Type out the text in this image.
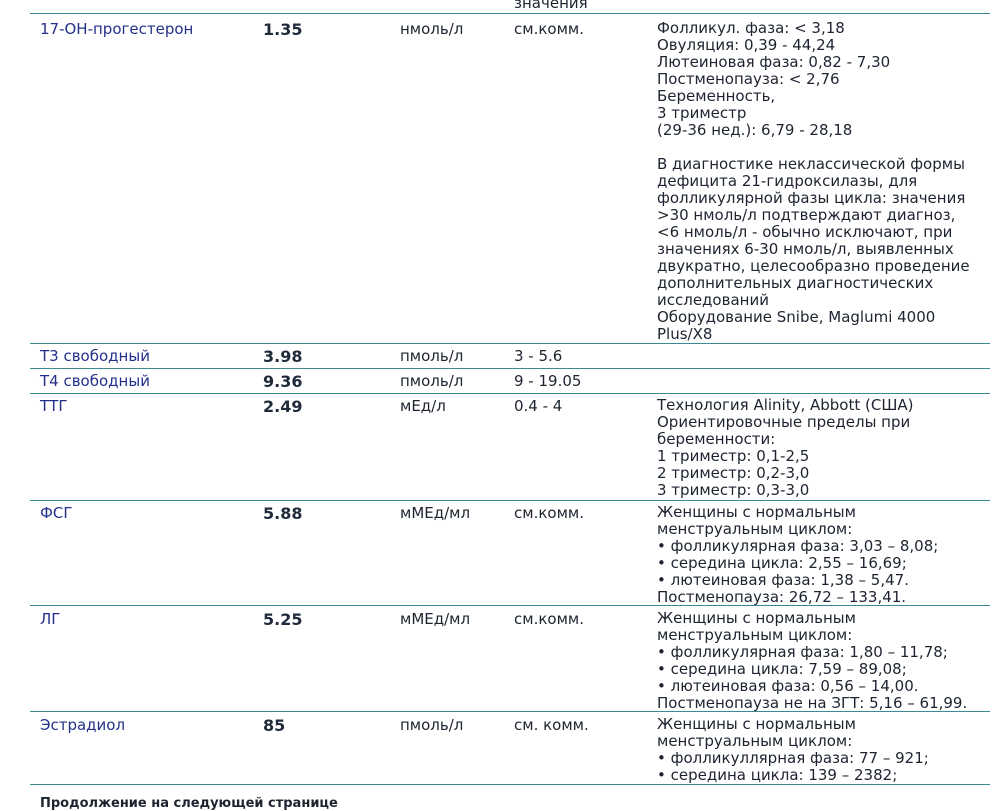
значения
17-ОН-прогестерон	1.35	нмоль/л	см.комм.	Фолликул. фаза: < 3,18
Овуляция: 0,39 - 44,24
Лютеиновая фаза: 0,82 - 7,30
Постменопауза: < 2,76
Беременность,
3 триместр
(29-36 нед.): 6,79 - 28,18
В диагностике неклассической формы
дефицита 21-гидроксилазы, для
фолликулярной фазы цикла: значения
>30 нмоль/л подтверждают диагноз,
<6 нмоль/л - обычно исключают, при
значениях 6-30 нмоль/л, выявленных
двукратно, целесообразно проведение
дополнительных диагностических
исследований
Оборудование Snibe, Maglumi 4000
Plus/X8
Т3 свободный	3.98	пмоль/л	3 - 5.6
Т4 свободный	9.36	пмоль/л	9 - 19.05
ТТГ	2.49	мЕд/л	0.4 - 4	Технология Alinity, Abbott (США)
Ориентировочные пределы при
беременности:
1 триместр: 0,1-2,5
2 триместр: 0,2-3,0
3 триместр: 0,3-3,0
ФСГ	5.88	мМЕд/мл	см.комм.	Женщины с нормальным
менструальным циклом:
• фолликулярная фаза: 3,03 – 8,08;
• середина цикла: 2,55 – 16,69;
• лютеиновая фаза: 1,38 – 5,47.
Постменопауза: 26,72 – 133,41.
ЛГ	5.25	мМЕд/мл	см.комм.	Женщины с нормальным
менструальным циклом:
• фолликулярная фаза: 1,80 – 11,78;
• середина цикла: 7,59 – 89,08;
• лютеиновая фаза: 0,56 – 14,00.
Постменопауза не на ЗГТ: 5,16 – 61,99.
Эстрадиол	85	пмоль/л	см. комм.	Женщины с нормальным
менструальным циклом:
• фолликуллярная фаза: 77 – 921;
• середина цикла: 139 – 2382;
Продолжение на следующей странице
